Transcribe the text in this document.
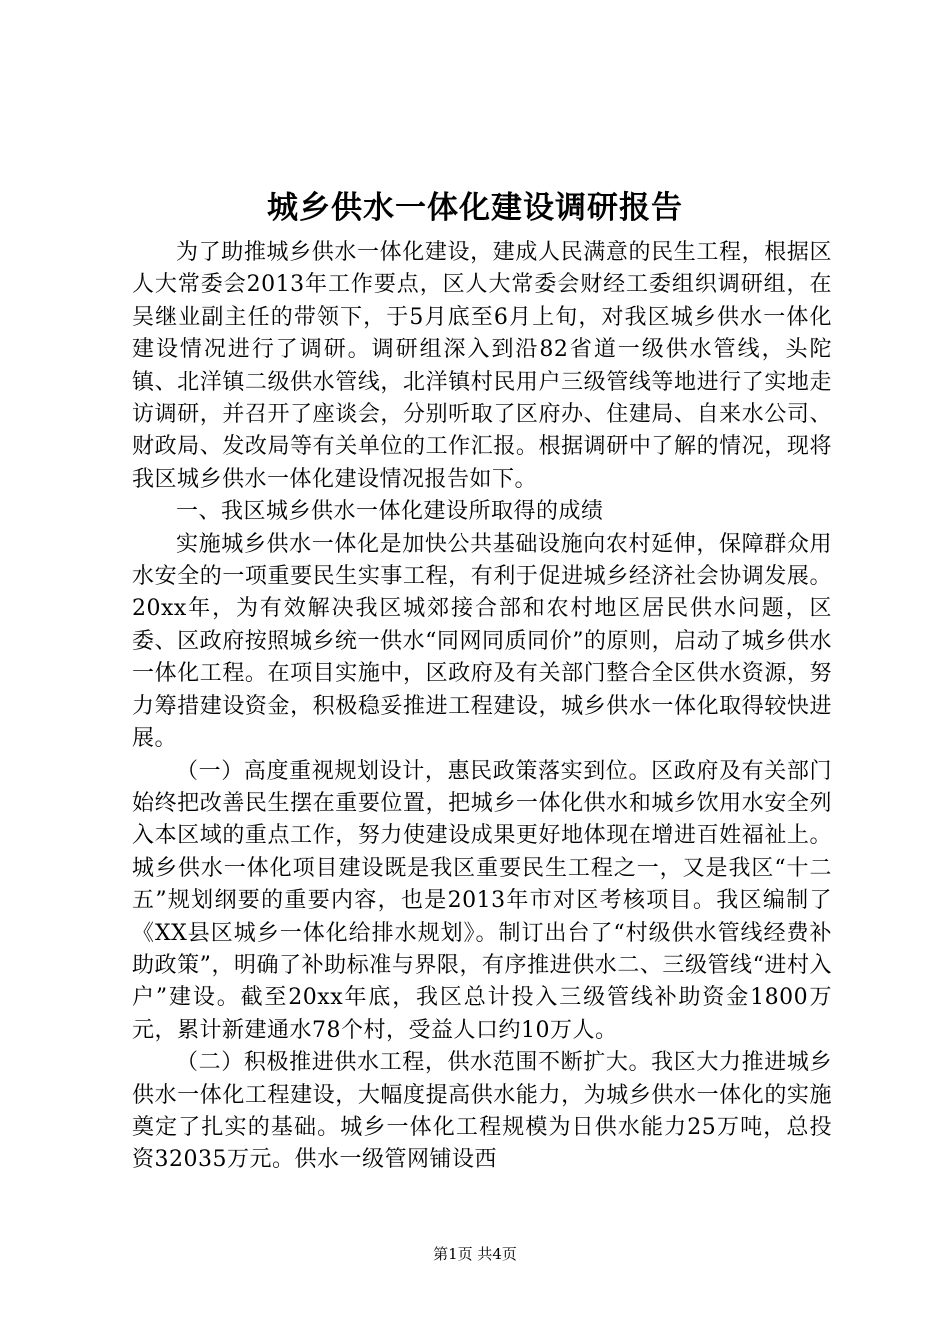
城乡供水一体化建设调研报告

为了助推城乡供水一体化建设，建成人民满意的民生工程，根据区人大常委会2013年工作要点，区人大常委会财经工委组织调研组，在吴继业副主任的带领下，于5月底至6月上旬，对我区城乡供水一体化建设情况进行了调研。调研组深入到沿82省道一级供水管线，头陀镇、北洋镇二级供水管线，北洋镇村民用户三级管线等地进行了实地走访调研，并召开了座谈会，分别听取了区府办、住建局、自来水公司、财政局、发改局等有关单位的工作汇报。根据调研中了解的情况，现将我区城乡供水一体化建设情况报告如下。

一、我区城乡供水一体化建设所取得的成绩

实施城乡供水一体化是加快公共基础设施向农村延伸，保障群众用水安全的一项重要民生实事工程，有利于促进城乡经济社会协调发展。20xx年，为有效解决我区城郊接合部和农村地区居民供水问题，区委、区政府按照城乡统一供水“同网同质同价”的原则，启动了城乡供水一体化工程。在项目实施中，区政府及有关部门整合全区供水资源，努力筹措建设资金，积极稳妥推进工程建设，城乡供水一体化取得较快进展。

（一）高度重视规划设计，惠民政策落实到位。区政府及有关部门始终把改善民生摆在重要位置，把城乡一体化供水和城乡饮用水安全列入本区域的重点工作，努力使建设成果更好地体现在增进百姓福祉上。城乡供水一体化项目建设既是我区重要民生工程之一，又是我区“十二五”规划纲要的重要内容，也是2013年市对区考核项目。我区编制了《XX县区城乡一体化给排水规划》。制订出台了“村级供水管线经费补助政策”，明确了补助标准与界限，有序推进供水二、三级管线“进村入户”建设。截至20xx年底，我区总计投入三级管线补助资金1800万元，累计新建通水78个村，受益人口约10万人。

（二）积极推进供水工程，供水范围不断扩大。我区大力推进城乡供水一体化工程建设，大幅度提高供水能力，为城乡供水一体化的实施奠定了扎实的基础。城乡一体化工程规模为日供水能力25万吨，总投资32035万元。供水一级管网铺设西

第1页 共4页
